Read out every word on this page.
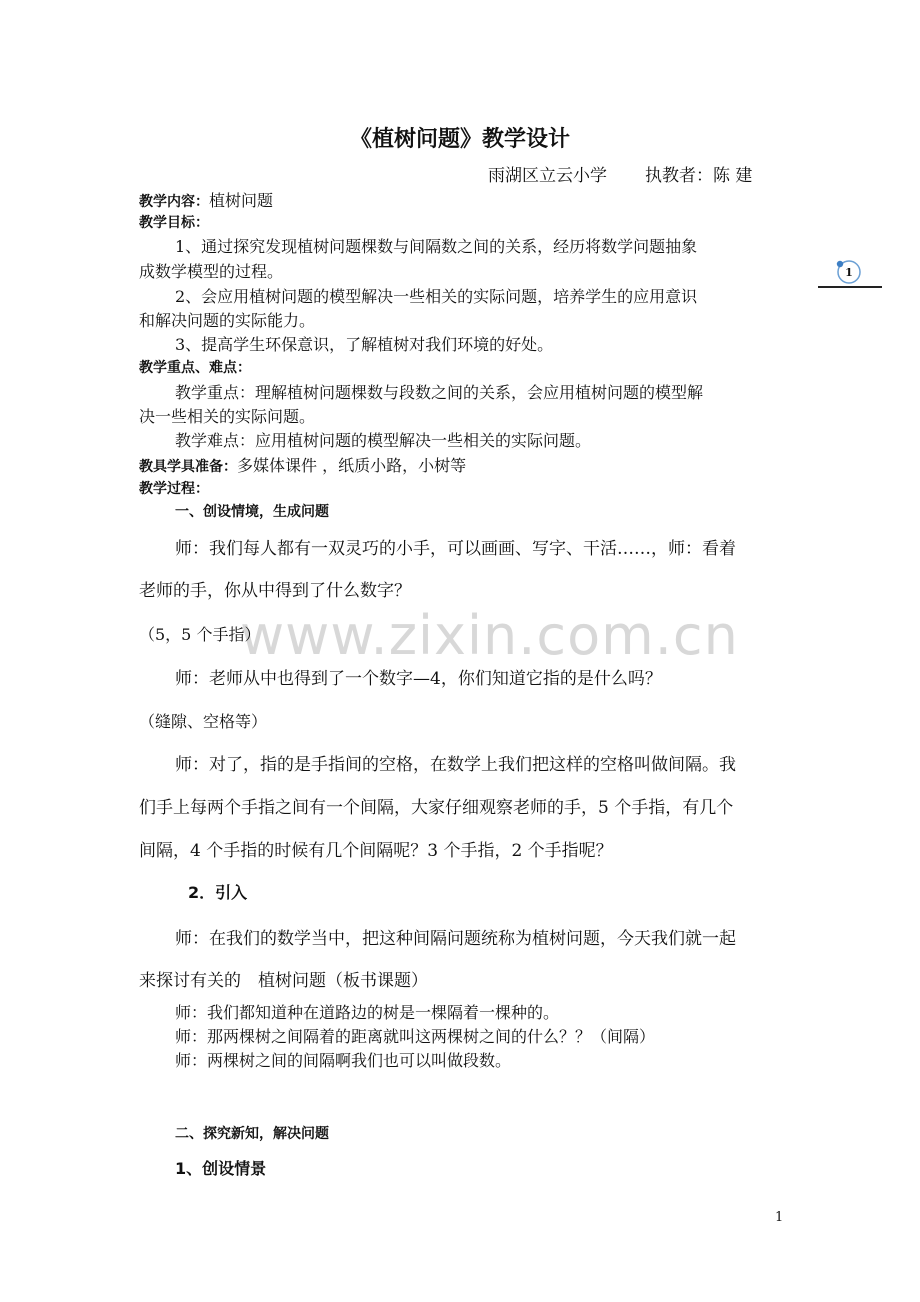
www.zixin.com.cn
1
《植树问题》教学设计
雨湖区立云小学 执教者：陈 建
教学内容：植树问题
教学目标：
1、通过探究发现植树问题棵数与间隔数之间的关系，经历将数学问题抽象
成数学模型的过程。
2、会应用植树问题的模型解决一些相关的实际问题，培养学生的应用意识
和解决问题的实际能力。
3、提高学生环保意识，了解植树对我们环境的好处。
教学重点、难点：
教学重点：理解植树问题棵数与段数之间的关系，会应用植树问题的模型解
决一些相关的实际问题。
教学难点：应用植树问题的模型解决一些相关的实际问题。
教具学具准备：多媒体课件 ，纸质小路，小树等
教学过程：
一、创设情境，生成问题
师：我们每人都有一双灵巧的小手，可以画画、写字、干活……，师：看着
老师的手，你从中得到了什么数字？
（5，5 个手指）
师：老师从中也得到了一个数字—4，你们知道它指的是什么吗？
（缝隙、空格等）
师：对了，指的是手指间的空格，在数学上我们把这样的空格叫做间隔。我
们手上每两个手指之间有一个间隔，大家仔细观察老师的手，5 个手指，有几个
间隔，4 个手指的时候有几个间隔呢？3 个手指，2 个手指呢？
2．引入
师：在我们的数学当中，把这种间隔问题统称为植树问题，今天我们就一起
来探讨有关的　植树问题（板书课题）
师：我们都知道种在道路边的树是一棵隔着一棵种的。
师：那两棵树之间隔着的距离就叫这两棵树之间的什么？？（间隔）
师：两棵树之间的间隔啊我们也可以叫做段数。
二、探究新知，解决问题
1、创设情景
1
